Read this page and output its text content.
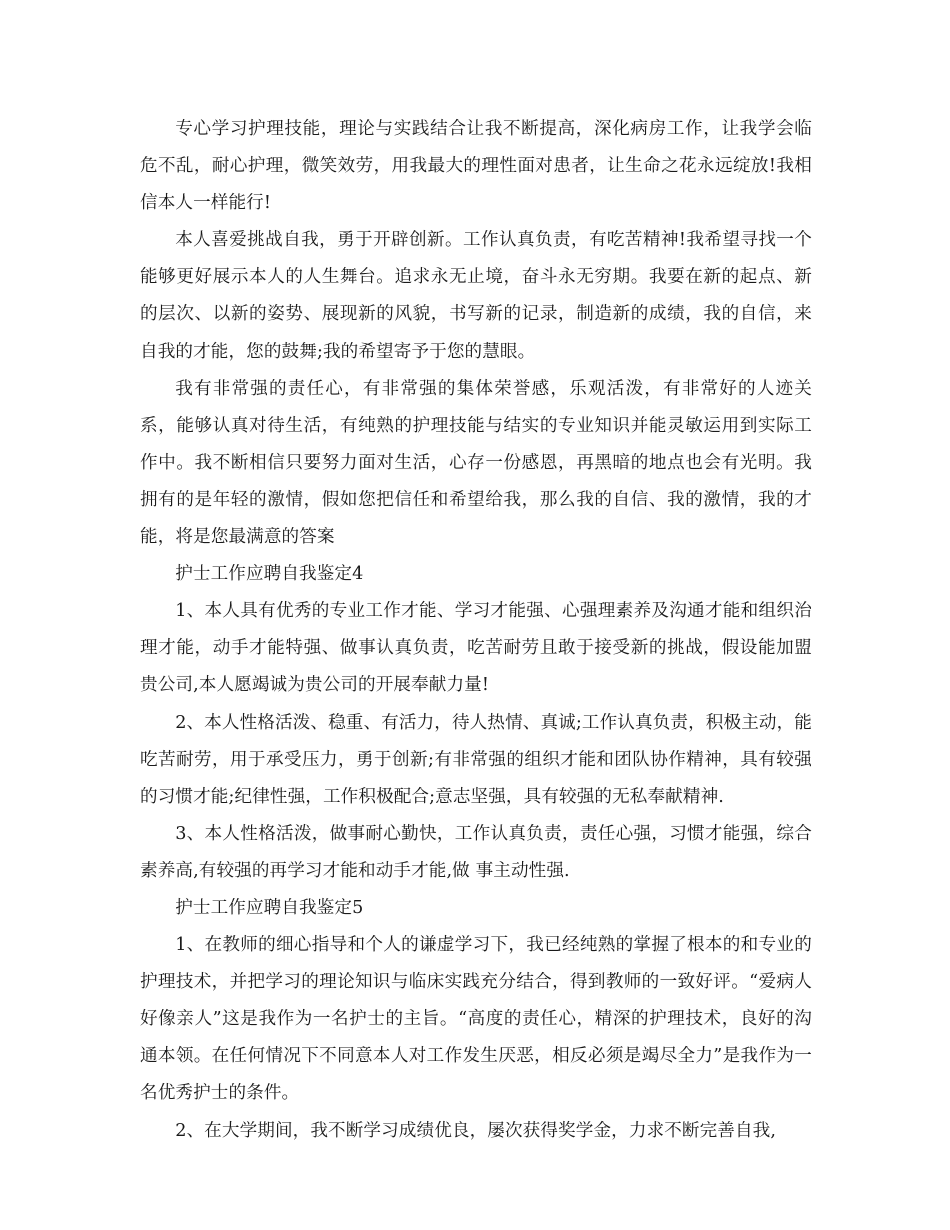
专心学习护理技能，理论与实践结合让我不断提高，深化病房工作，让我学会临危不乱，耐心护理，微笑效劳，用我最大的理性面对患者，让生命之花永远绽放!我相信本人一样能行!

本人喜爱挑战自我，勇于开辟创新。工作认真负责，有吃苦精神!我希望寻找一个能够更好展示本人的人生舞台。追求永无止境，奋斗永无穷期。我要在新的起点、新的层次、以新的姿势、展现新的风貌，书写新的记录，制造新的成绩，我的自信，来自我的才能，您的鼓舞;我的希望寄予于您的慧眼。

我有非常强的责任心，有非常强的集体荣誉感，乐观活泼，有非常好的人迹关系，能够认真对待生活，有纯熟的护理技能与结实的专业知识并能灵敏运用到实际工作中。我不断相信只要努力面对生活，心存一份感恩，再黑暗的地点也会有光明。我拥有的是年轻的激情，假如您把信任和希望给我，那么我的自信、我的激情，我的才能，将是您最满意的答案

护士工作应聘自我鉴定4

1、本人具有优秀的专业工作才能、学习才能强、心强理素养及沟通才能和组织治理才能，动手才能特强、做事认真负责，吃苦耐劳且敢于接受新的挑战，假设能加盟贵公司,本人愿竭诚为贵公司的开展奉献力量!

2、本人性格活泼、稳重、有活力，待人热情、真诚;工作认真负责，积极主动，能吃苦耐劳，用于承受压力，勇于创新;有非常强的组织才能和团队协作精神，具有较强的习惯才能;纪律性强，工作积极配合;意志坚强，具有较强的无私奉献精神.

3、本人性格活泼，做事耐心勤快，工作认真负责，责任心强，习惯才能强，综合素养高,有较强的再学习才能和动手才能,做 事主动性强.

护士工作应聘自我鉴定5

1、在教师的细心指导和个人的谦虚学习下，我已经纯熟的掌握了根本的和专业的护理技术，并把学习的理论知识与临床实践充分结合，得到教师的一致好评。“爱病人好像亲人”这是我作为一名护士的主旨。“高度的责任心，精深的护理技术，良好的沟通本领。在任何情况下不同意本人对工作发生厌恶，相反必须是竭尽全力”是我作为一名优秀护士的条件。

2、在大学期间，我不断学习成绩优良，屡次获得奖学金，力求不断完善自我,
